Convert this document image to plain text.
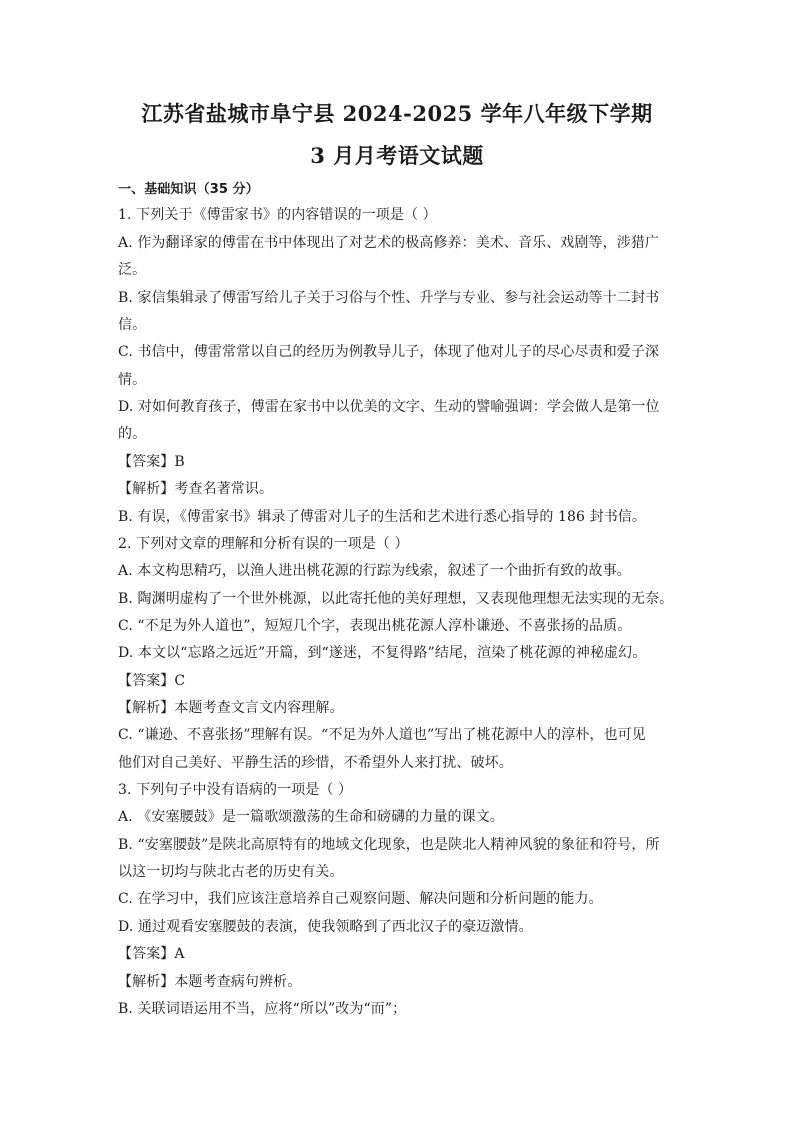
江苏省盐城市阜宁县 2024-2025 学年八年级下学期
3 月月考语文试题
一、基础知识（35 分）
1. 下列关于《傅雷家书》的内容错误的一项是（ ）
A. 作为翻译家的傅雷在书中体现出了对艺术的极高修养：美术、音乐、戏剧等，涉猎广
泛。
B. 家信集辑录了傅雷写给儿子关于习俗与个性、升学与专业、参与社会运动等十二封书
信。
C. 书信中，傅雷常常以自己的经历为例教导儿子，体现了他对儿子的尽心尽责和爱子深
情。
D. 对如何教育孩子，傅雷在家书中以优美的文字、生动的譬喻强调：学会做人是第一位
的。
【答案】B
【解析】考查名著常识。
B. 有误，《傅雷家书》辑录了傅雷对儿子的生活和艺术进行悉心指导的 186 封书信。
2. 下列对文章的理解和分析有误的一项是（ ）
A. 本文构思精巧，以渔人进出桃花源的行踪为线索，叙述了一个曲折有致的故事。
B. 陶渊明虚构了一个世外桃源，以此寄托他的美好理想，又表现他理想无法实现的无奈。
C. “不足为外人道也”，短短几个字，表现出桃花源人淳朴谦逊、不喜张扬的品质。
D. 本文以“忘路之远近”开篇，到“遂迷，不复得路”结尾，渲染了桃花源的神秘虚幻。
【答案】C
【解析】本题考查文言文内容理解。
C. “谦逊、不喜张扬”理解有误。“不足为外人道也”写出了桃花源中人的淳朴，也可见
他们对自己美好、平静生活的珍惜，不希望外人来打扰、破坏。
3. 下列句子中没有语病的一项是（ ）
A. 《安塞腰鼓》是一篇歌颂激荡的生命和磅礴的力量的课文。
B. “安塞腰鼓”是陕北高原特有的地域文化现象，也是陕北人精神风貌的象征和符号，所
以这一切均与陕北古老的历史有关。
C. 在学习中，我们应该注意培养自己观察问题、解决问题和分析问题的能力。
D. 通过观看安塞腰鼓的表演，使我领略到了西北汉子的豪迈激情。
【答案】A
【解析】本题考查病句辨析。
B. 关联词语运用不当，应将“所以”改为“而”；
